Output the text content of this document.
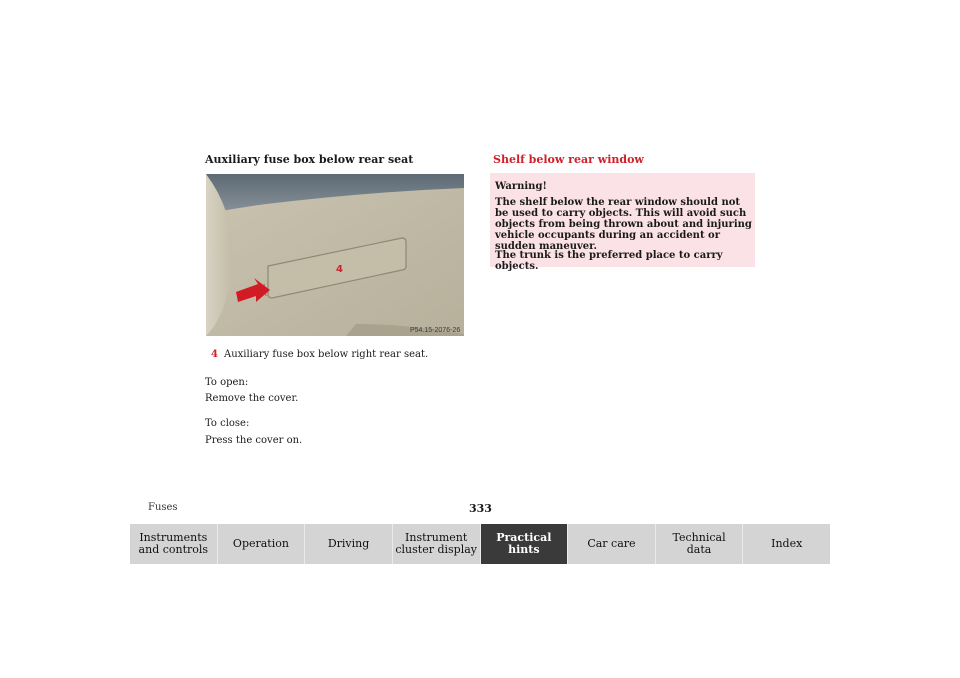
Auxiliary fuse box below rear seat
4
P54.15-2076-26
4 Auxiliary fuse box below right rear seat.
To open:
Remove the cover.
To close:
Press the cover on.
Shelf below rear window
Warning!
The shelf below the rear window should not be used to carry objects. This will avoid such objects from being thrown about and injuring vehicle occupants during an accident or sudden maneuver.
The trunk is the preferred place to carry objects.
Fuses	333
Instruments
and controls	Operation	Driving	Instrument
cluster display
Practical hints	Car care	Technical
data	Index
